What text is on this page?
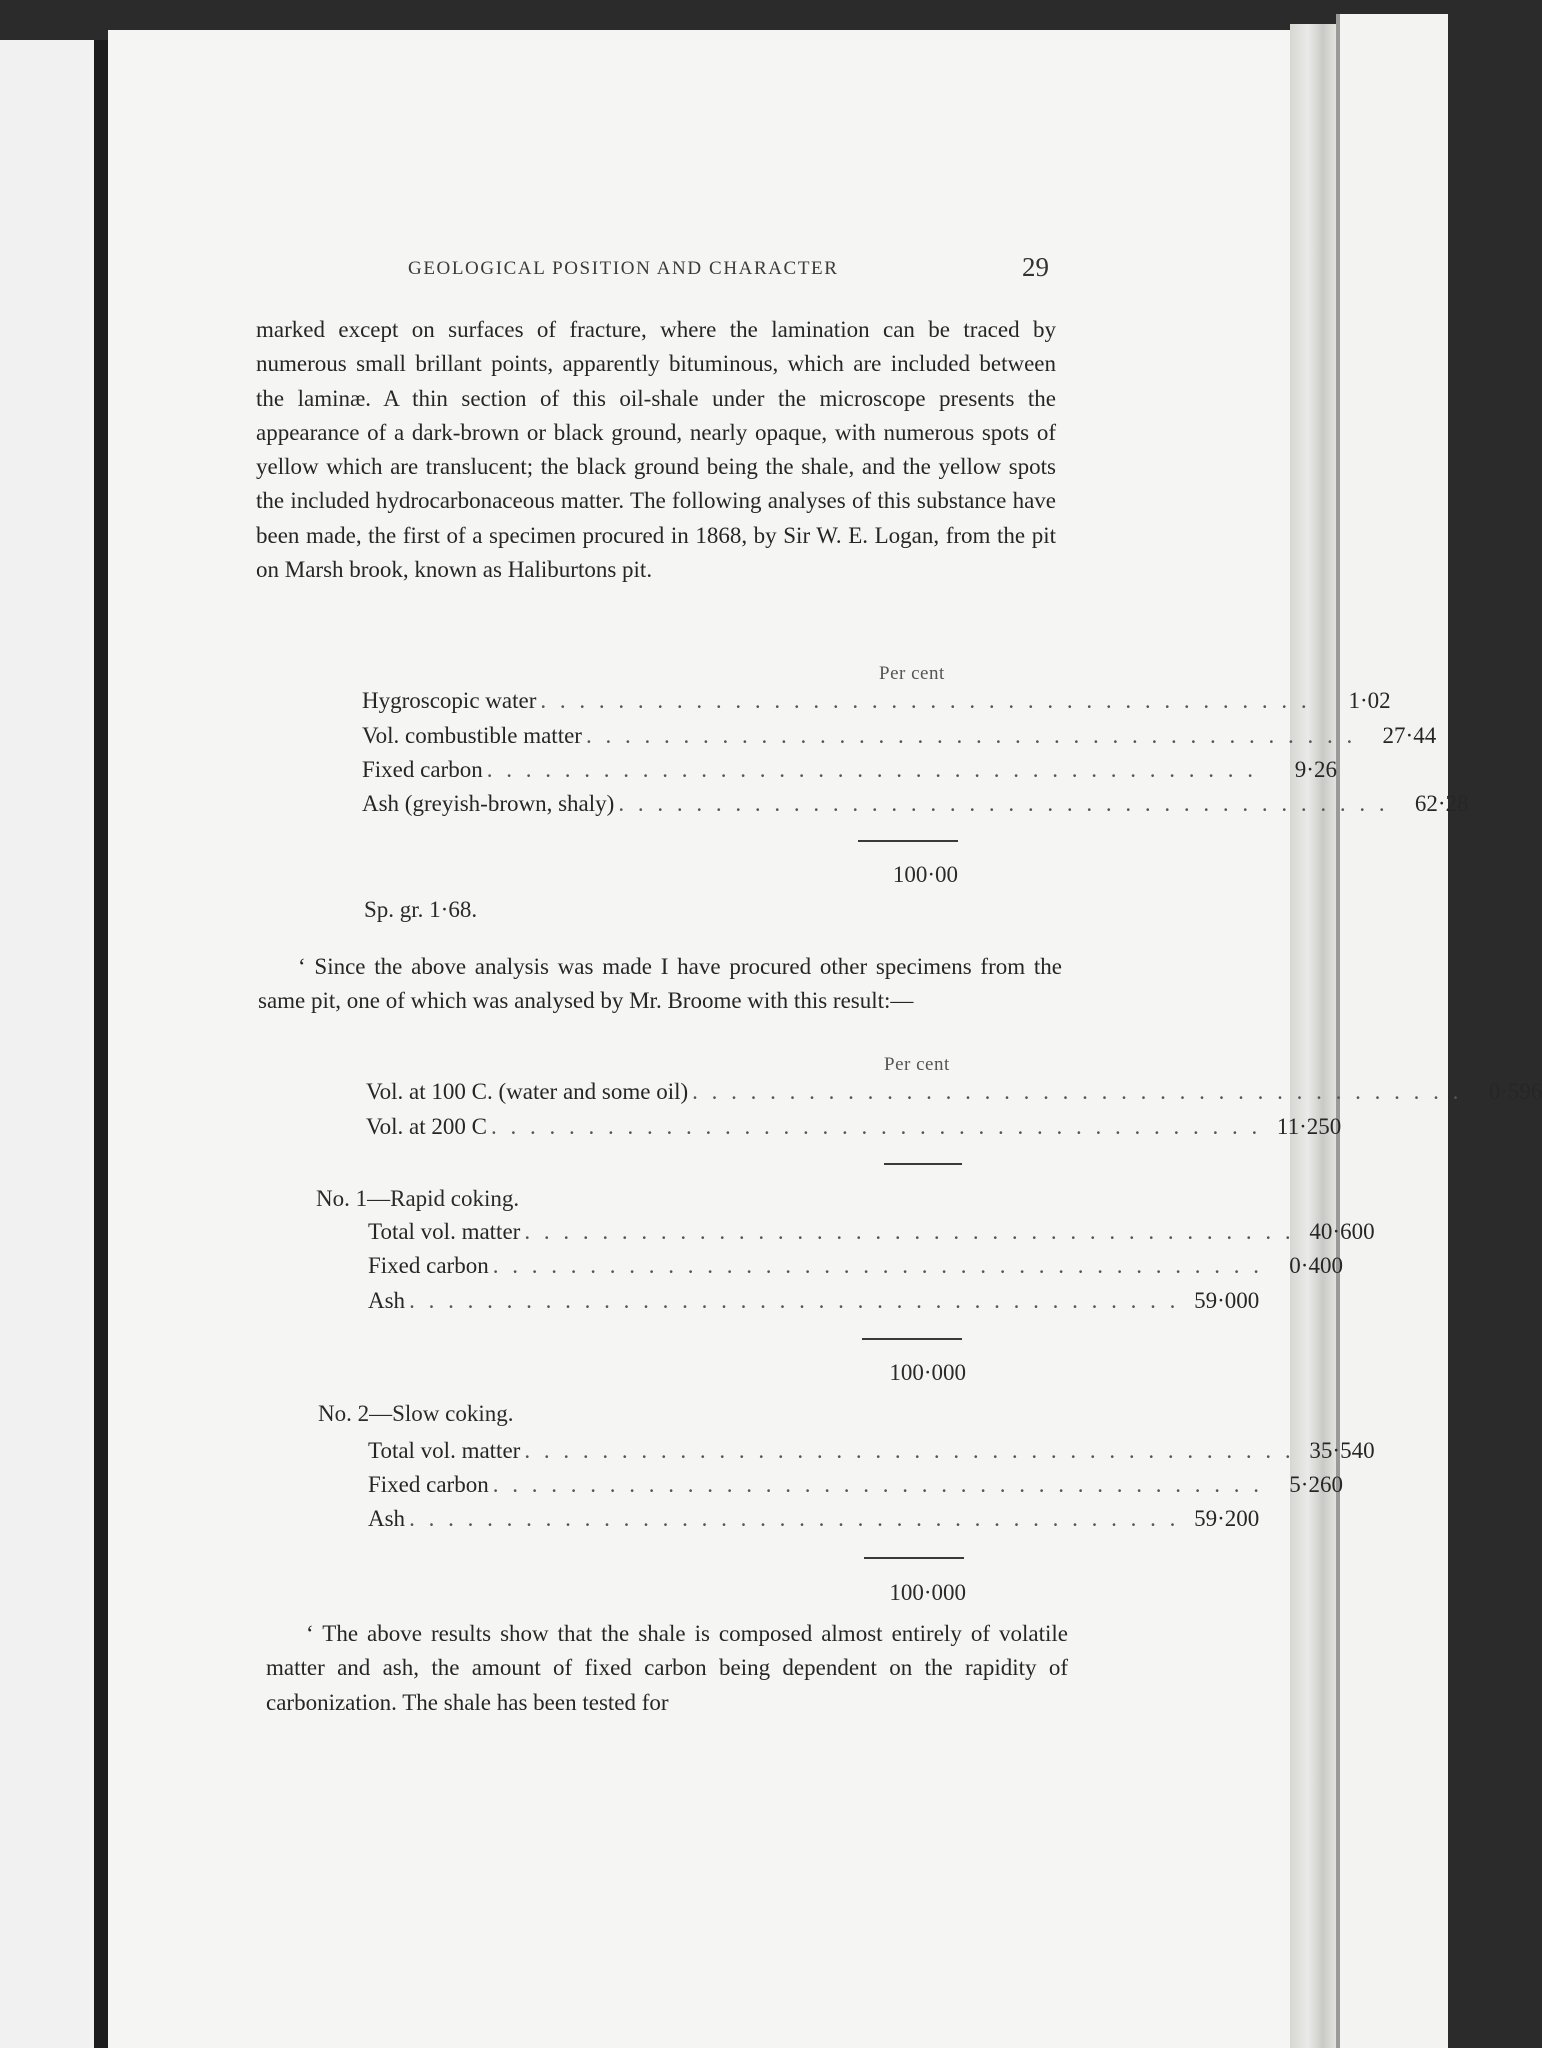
GEOLOGICAL POSITION AND CHARACTER	29

marked except on surfaces of fracture, where the lamination can be traced by numerous small brillant points, apparently bituminous, which are included between the laminæ. A thin section of this oil-shale under the microscope presents the appearance of a dark-brown or black ground, nearly opaque, with numerous spots of yellow which are translucent; the black ground being the shale, and the yellow spots the included hydrocarbonaceous matter. The following analyses of this substance have been made, the first of a specimen procured in 1868, by Sir W. E. Logan, from the pit on Marsh brook, known as Haliburtons pit.

Per cent
Hygroscopic water . . . . . . . . . . . . . . . . . . . . . . . . . . . . . . . . . . . . . . . .	1·02
Vol. combustible matter . . . . . . . . . . . . . . . . . . . . . . . . . . . . . . . . . . . . . . . .	27·44
Fixed carbon . . . . . . . . . . . . . . . . . . . . . . . . . . . . . . . . . . . . . . . .	9·26
Ash (greyish-brown, shaly) . . . . . . . . . . . . . . . . . . . . . . . . . . . . . . . . . . . . . . . .	62·28
100·00
Sp. gr. 1·68.

‘ Since the above analysis was made I have procured other specimens from the same pit, one of which was analysed by Mr. Broome with this result:—

Per cent
Vol. at 100 C. (water and some oil) . . . . . . . . . . . . . . . . . . . . . . . . . . . . . . . . . . . . . . . .	0·596
Vol. at 200 C . . . . . . . . . . . . . . . . . . . . . . . . . . . . . . . . . . . . . . . . 11·250
No. 1—Rapid coking.
Total vol. matter . . . . . . . . . . . . . . . . . . . . . . . . . . . . . . . . . . . . . . . . 40·600
Fixed carbon . . . . . . . . . . . . . . . . . . . . . . . . . . . . . . . . . . . . . . . .	0·400
Ash . . . . . . . . . . . . . . . . . . . . . . . . . . . . . . . . . . . . . . . . 59·000
100·000
No. 2—Slow coking.
Total vol. matter . . . . . . . . . . . . . . . . . . . . . . . . . . . . . . . . . . . . . . . . 35·540
Fixed carbon . . . . . . . . . . . . . . . . . . . . . . . . . . . . . . . . . . . . . . . .	5·260
Ash . . . . . . . . . . . . . . . . . . . . . . . . . . . . . . . . . . . . . . . . 59·200
100·000

‘ The above results show that the shale is composed almost entirely of volatile matter and ash, the amount of fixed carbon being dependent on the rapidity of carbonization. The shale has been tested for
